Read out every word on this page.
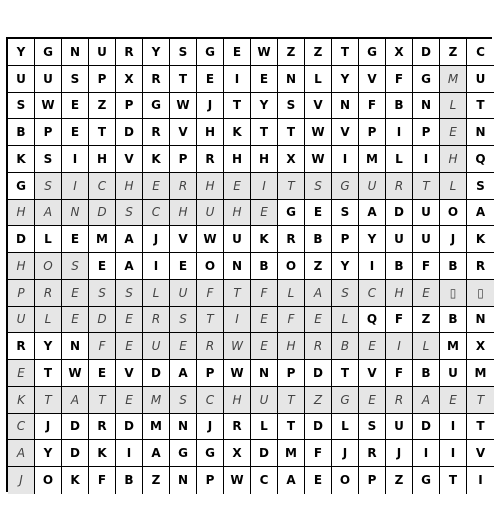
Y	G	N	U	R	Y	S	G	E	W	Z	Z	T	G	X	D	Z	C
U	U	S	P	X	R	T	E	I	E	N	L	Y	V	F	G	M	U
S	W	E	Z	P	G	W	J	T	Y	S	V	N	F	B	N	L	T
B	P	E	T	D	R	V	H	K	T	T	W	V	P	I	P	E	N
K	S	I	H	V	K	P	R	H	H	X	W	I	M	L	I	H	Q
G	S	I	C	H	E	R	H	E	I	T	S	G	U	R	T	L	S
H	A	N	D	S	C	H	U	H	E	G	E	S	A	D	U	O	A
D	L	E	M	A	J	V	W	U	K	R	B	P	Y	U	U	J	K
H	O	S	E	A	I	E	O	N	B	O	Z	Y	I	B	F	B	R
P	R	E	S	S	L	U	F	T	F	L	A	S	C	H	E	▯	▯
U	L	E	D	E	R	S	T	I	E	F	E	L	Q	F	Z	B	N
R	Y	N	F	E	U	E	R	W	E	H	R	B	E	I	L	M	X
E	T	W	E	V	D	A	P	W	N	P	D	T	V	F	B	U	M
K	T	A	T	E	M	S	C	H	U	T	Z	G	E	R	A	E	T
C	J	D	R	D	M	N	J	R	L	T	D	L	S	U	D	I	T
A	Y	D	K	I	A	G	G	X	D	M	F	J	R	J	I	I	V
J	O	K	F	B	Z	N	P	W	C	A	E	O	P	Z	G	T	I
